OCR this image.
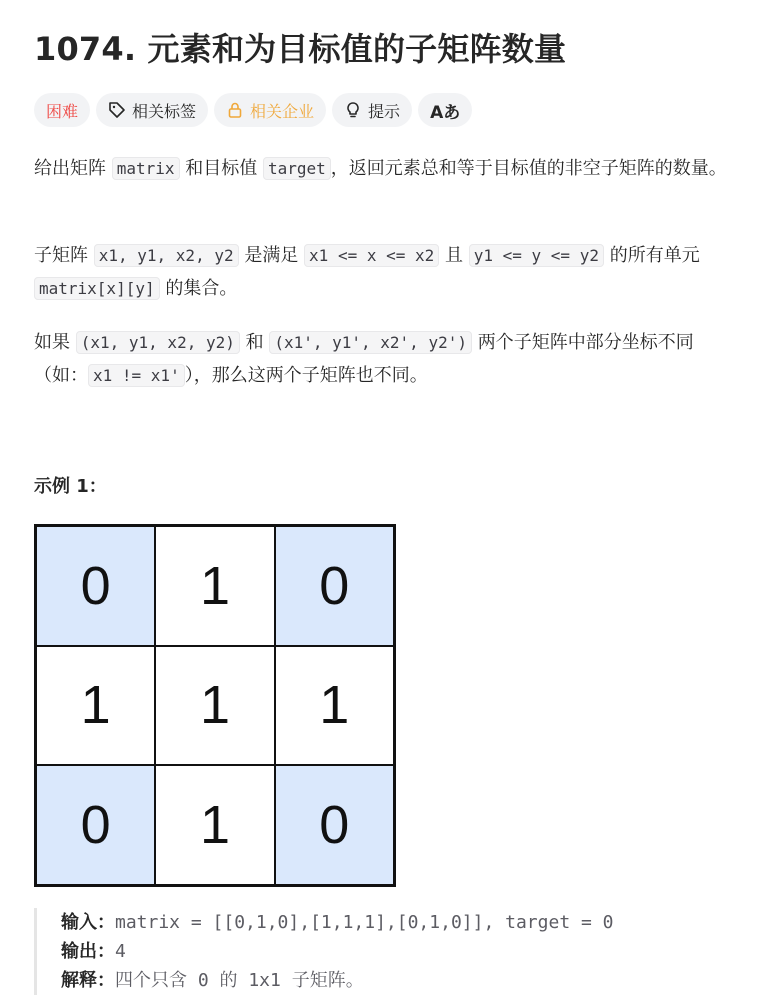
1074. 元素和为目标值的子矩阵数量
困难	相关标签	相关企业	提示	Aあ

给出矩阵 matrix 和目标值 target ，返回元素总和等于目标值的非空子矩阵的数量。

子矩阵 x1, y1, x2, y2 是满足 x1 <= x <= x2 且 y1 <= y <= y2 的所有单元 matrix[x][y] 的集合。

如果 (x1, y1, x2, y2) 和 (x1', y1', x2', y2') 两个子矩阵中部分坐标不同（如： x1 != x1' ），那么这两个子矩阵也不同。

示例 1：
0	1	0
1	1	1
0	1	0
输入：matrix = [[0,1,0],[1,1,1],[0,1,0]], target = 0
输出：4
解释：四个只含 0 的 1x1 子矩阵。
